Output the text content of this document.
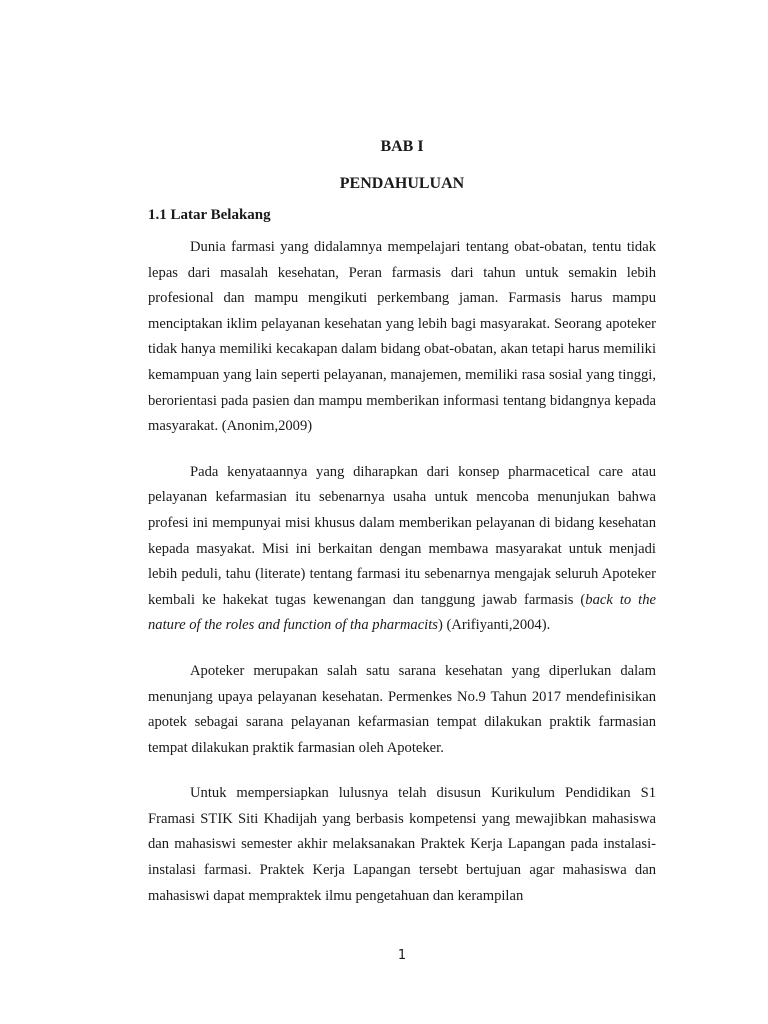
BAB I
PENDAHULUAN
1.1 Latar Belakang

Dunia farmasi yang didalamnya mempelajari tentang obat-obatan, tentu tidak lepas dari masalah kesehatan, Peran farmasis dari tahun untuk semakin lebih profesional dan mampu mengikuti perkembang jaman. Farmasis harus mampu menciptakan iklim pelayanan kesehatan yang lebih bagi masyarakat. Seorang apoteker tidak hanya memiliki kecakapan dalam bidang obat-obatan, akan tetapi harus memiliki kemampuan yang lain seperti pelayanan, manajemen, memiliki rasa sosial yang tinggi, berorientasi pada pasien dan mampu memberikan informasi tentang bidangnya kepada masyarakat. (Anonim,2009)

Pada kenyataannya yang diharapkan dari konsep pharmacetical care atau pelayanan kefarmasian itu sebenarnya usaha untuk mencoba menunjukan bahwa profesi ini mempunyai misi khusus dalam memberikan pelayanan di bidang kesehatan kepada masyakat. Misi ini berkaitan dengan membawa masyarakat untuk menjadi lebih peduli, tahu (literate) tentang farmasi itu sebenarnya mengajak seluruh Apoteker kembali ke hakekat tugas kewenangan dan tanggung jawab farmasis (back to the nature of the roles and function of tha pharmacits) (Arifiyanti,2004).

Apoteker merupakan salah satu sarana kesehatan yang diperlukan dalam menunjang upaya pelayanan kesehatan. Permenkes No.9 Tahun 2017 mendefinisikan apotek sebagai sarana pelayanan kefarmasian tempat dilakukan praktik farmasian tempat dilakukan praktik farmasian oleh Apoteker.

Untuk mempersiapkan lulusnya telah disusun Kurikulum Pendidikan S1 Framasi STIK Siti Khadijah yang berbasis kompetensi yang mewajibkan mahasiswa dan mahasiswi semester akhir melaksanakan Praktek Kerja Lapangan pada instalasi-instalasi farmasi. Praktek Kerja Lapangan tersebt bertujuan agar mahasiswa dan mahasiswi dapat mempraktek ilmu pengetahuan dan kerampilan

1
